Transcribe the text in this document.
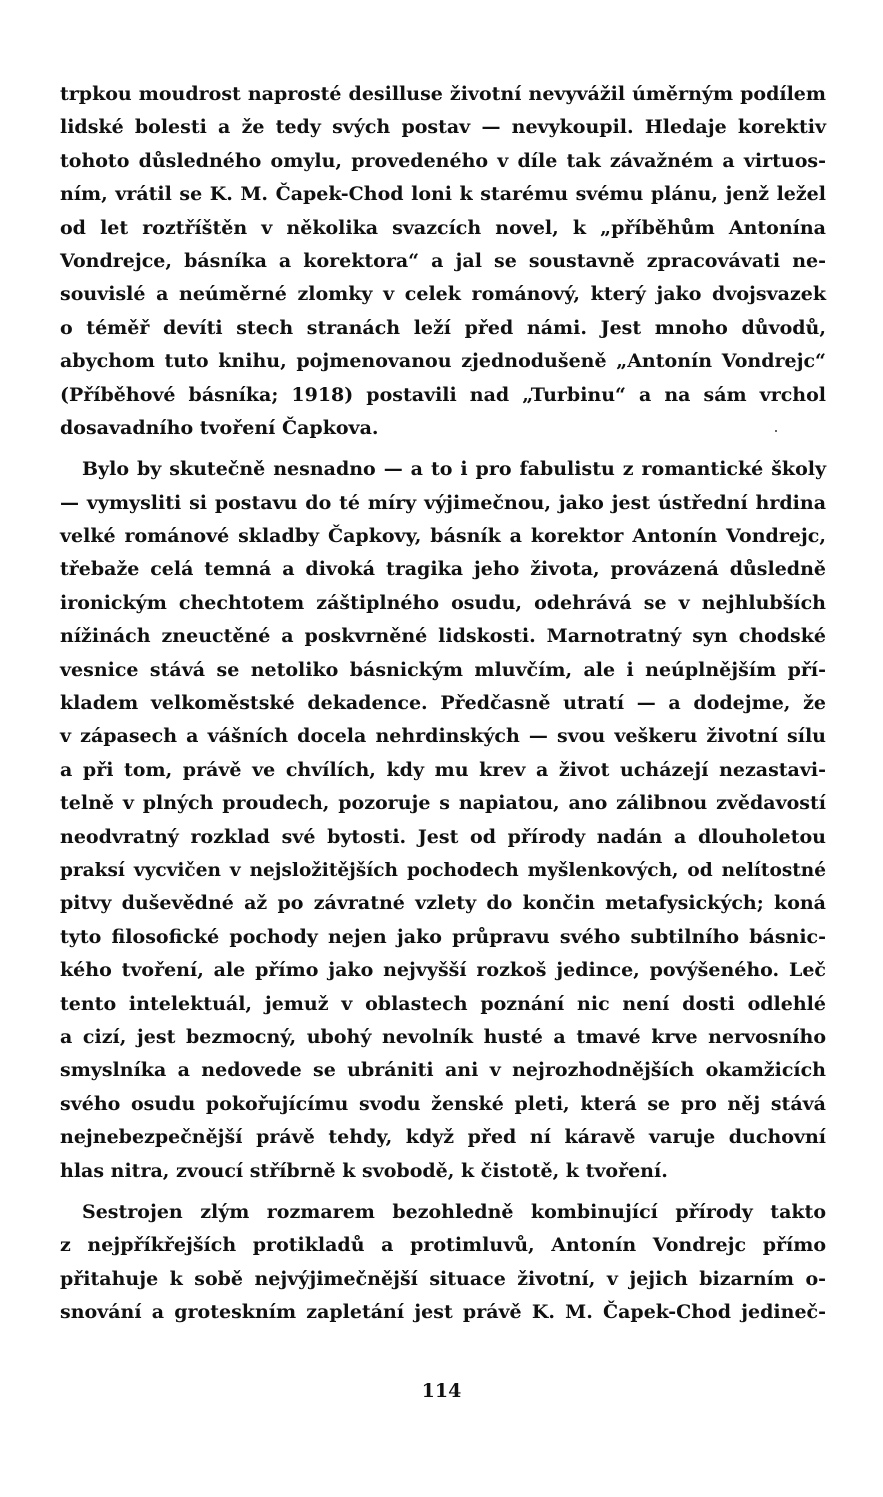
trpkou moudrost naprosté desilluse životní nevyvážil úměrným podílem
lidské bolesti a že tedy svých postav — nevykoupil. Hledaje korektiv
tohoto důsledného omylu, provedeného v díle tak závažném a virtuos-
ním, vrátil se K. M. Čapek-Chod loni k starému svému plánu, jenž ležel
od let roztříštěn v několika svazcích novel, k „příběhům Antonína
Vondrejce, básníka a korektora“ a jal se soustavně zpracovávati ne-
souvislé a neúměrné zlomky v celek románový, který jako dvojsvazek
o téměř devíti stech stranách leží před námi. Jest mnoho důvodů,
abychom tuto knihu, pojmenovanou zjednodušeně „Antonín Vondrejc“
(Příběhové básníka; 1918) postavili nad „Turbinu“ a na sám vrchol
dosavadního tvoření Čapkova.
Bylo by skutečně nesnadno — a to i pro fabulistu z romantické školy
— vymysliti si postavu do té míry výjimečnou, jako jest ústřední hrdina
velké románové skladby Čapkovy, básník a korektor Antonín Vondrejc,
třebaže celá temná a divoká tragika jeho života, provázená důsledně
ironickým chechtotem záštiplného osudu, odehrává se v nejhlubších
nížinách zneuctěné a poskvrněné lidskosti. Marnotratný syn chodské
vesnice stává se netoliko básnickým mluvčím, ale i neúplnějším pří-
kladem velkoměstské dekadence. Předčasně utratí — a dodejme, že
v zápasech a vášních docela nehrdinských — svou veškeru životní sílu
a při tom, právě ve chvílích, kdy mu krev a život ucházejí nezastavi-
telně v plných proudech, pozoruje s napiatou, ano zálibnou zvědavostí
neodvratný rozklad své bytosti. Jest od přírody nadán a dlouholetou
praksí vycvičen v nejsložitějších pochodech myšlenkových, od nelítostné
pitvy duševědné až po závratné vzlety do končin metafysických; koná
tyto filosofické pochody nejen jako průpravu svého subtilního básnic-
kého tvoření, ale přímo jako nejvyšší rozkoš jedince, povýšeného. Leč
tento intelektuál, jemuž v oblastech poznání nic není dosti odlehlé
a cizí, jest bezmocný, ubohý nevolník husté a tmavé krve nervosního
smyslníka a nedovede se ubrániti ani v nejrozhodnějších okamžicích
svého osudu pokořujícímu svodu ženské pleti, která se pro něj stává
nejnebezpečnější právě tehdy, když před ní káravě varuje duchovní
hlas nitra, zvoucí stříbrně k svobodě, k čistotě, k tvoření.
Sestrojen zlým rozmarem bezohledně kombinující přírody takto
z nejpříkřejších protikladů a protimluvů, Antonín Vondrejc přímo
přitahuje k sobě nejvýjimečnější situace životní, v jejich bizarním o-
snování a groteskním zapletání jest právě K. M. Čapek-Chod jedineč-
114
